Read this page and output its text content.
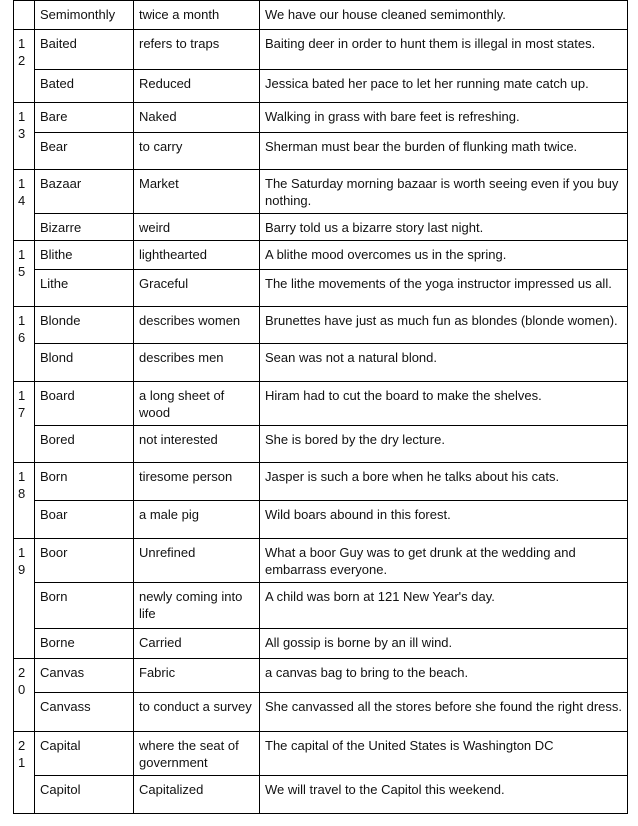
	Semimonthly	twice a month	We have our house cleaned semimonthly.
12	Baited	refers to traps	Baiting deer in order to hunt them is illegal in most states.
	Bated	Reduced	Jessica bated her pace to let her running mate catch up.
13	Bare	Naked	Walking in grass with bare feet is refreshing.
	Bear	to carry	Sherman must bear the burden of flunking math twice.
14	Bazaar	Market	The Saturday morning bazaar is worth seeing even if you buy nothing.
	Bizarre	weird	Barry told us a bizarre story last night.
15	Blithe	lighthearted	A blithe mood overcomes us in the spring.
	Lithe	Graceful	The lithe movements of the yoga instructor impressed us all.
16	Blonde	describes women	Brunettes have just as much fun as blondes (blonde women).
	Blond	describes men	Sean was not a natural blond.
17	Board	a long sheet of wood	Hiram had to cut the board to make the shelves.
	Bored	not interested	She is bored by the dry lecture.
18	Born	tiresome person	Jasper is such a bore when he talks about his cats.
	Boar	a male pig	Wild boars abound in this forest.
19	Boor	Unrefined	What a boor Guy was to get drunk at the wedding and embarrass everyone.
	Born	newly coming into life	A child was born at 121 New Year's day.
	Borne	Carried	All gossip is borne by an ill wind.
20	Canvas	Fabric	a canvas bag to bring to the beach.
	Canvass	to conduct a survey	She canvassed all the stores before she found the right dress.
21	Capital	where the seat of government	The capital of the United States is Washington DC
	Capitol	Capitalized	We will travel to the Capitol this weekend.
